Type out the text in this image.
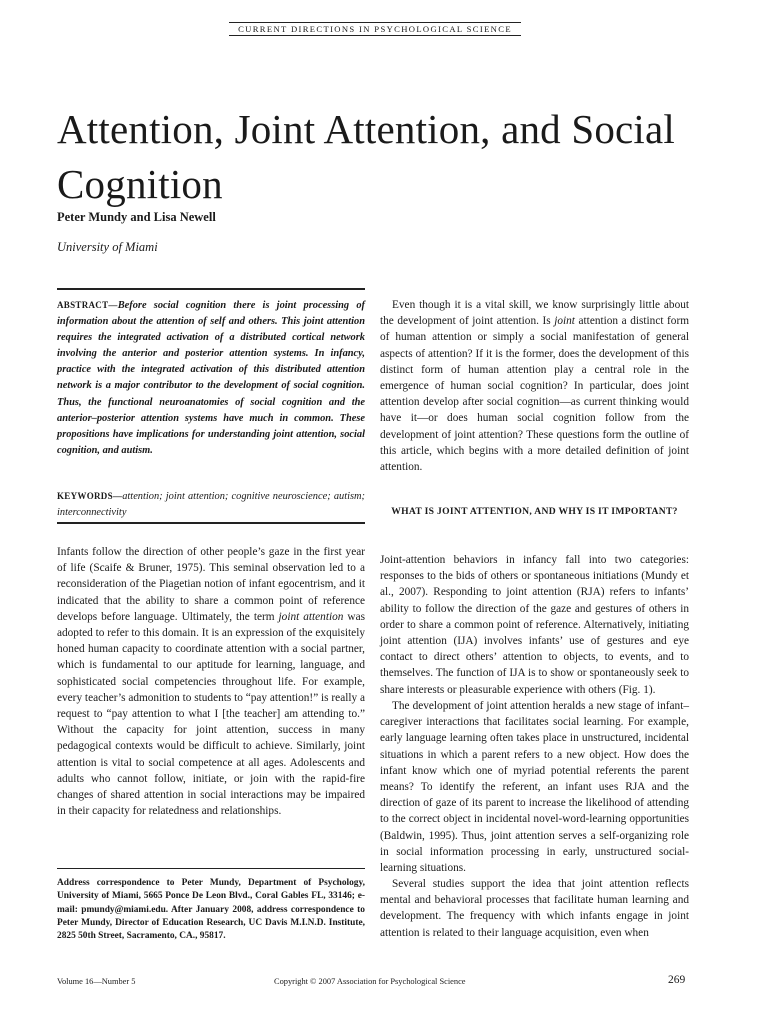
CURRENT DIRECTIONS IN PSYCHOLOGICAL SCIENCE
Attention, Joint Attention, and Social Cognition
Peter Mundy and Lisa Newell
University of Miami

ABSTRACT—Before social cognition there is joint processing of information about the attention of self and others. This joint attention requires the integrated activation of a distributed cortical network involving the anterior and posterior attention systems. In infancy, practice with the integrated activation of this distributed attention network is a major contributor to the development of social cognition. Thus, the functional neuroanatomies of social cognition and the anterior–posterior attention systems have much in common. These propositions have implications for understanding joint attention, social cognition, and autism.

KEYWORDS—attention; joint attention; cognitive neuroscience; autism; interconnectivity

Infants follow the direction of other people’s gaze in the first year of life (Scaife & Bruner, 1975). This seminal observation led to a reconsideration of the Piagetian notion of infant egocentrism, and it indicated that the ability to share a common point of reference develops before language. Ultimately, the term joint attention was adopted to refer to this domain. It is an expression of the exquisitely honed human capacity to coordinate attention with a social partner, which is fundamental to our aptitude for learning, language, and sophisticated social competencies throughout life. For example, every teacher’s admonition to students to “pay attention!” is really a request to “pay attention to what I [the teacher] am attending to.” Without the capacity for joint attention, success in many pedagogical contexts would be difficult to achieve. Similarly, joint attention is vital to social competence at all ages. Adolescents and adults who cannot follow, initiate, or join with the rapid-fire changes of shared attention in social interactions may be impaired in their capacity for relatedness and relationships.

Address correspondence to Peter Mundy, Department of Psychology, University of Miami, 5665 Ponce De Leon Blvd., Coral Gables FL, 33146; e-mail: pmundy@miami.edu. After January 2008, address correspondence to Peter Mundy, Director of Education Research, UC Davis M.I.N.D. Institute, 2825 50th Street, Sacramento, CA., 95817.

Even though it is a vital skill, we know surprisingly little about the development of joint attention. Is joint attention a distinct form of human attention or simply a social manifestation of general aspects of attention? If it is the former, does the development of this distinct form of human attention play a central role in the emergence of human social cognition? In particular, does joint attention develop after social cognition—as current thinking would have it—or does human social cognition follow from the development of joint attention? These questions form the outline of this article, which begins with a more detailed definition of joint attention.

WHAT IS JOINT ATTENTION, AND WHY IS IT IMPORTANT?

Joint-attention behaviors in infancy fall into two categories: responses to the bids of others or spontaneous initiations (Mundy et al., 2007). Responding to joint attention (RJA) refers to infants’ ability to follow the direction of the gaze and gestures of others in order to share a common point of reference. Alternatively, initiating joint attention (IJA) involves infants’ use of gestures and eye contact to direct others’ attention to objects, to events, and to themselves. The function of IJA is to show or spontaneously seek to share interests or pleasurable experience with others (Fig. 1).

The development of joint attention heralds a new stage of infant–caregiver interactions that facilitates social learning. For example, early language learning often takes place in unstructured, incidental situations in which a parent refers to a new object. How does the infant know which one of myriad potential referents the parent means? To identify the referent, an infant uses RJA and the direction of gaze of its parent to increase the likelihood of attending to the correct object in incidental novel-word-learning opportunities (Baldwin, 1995). Thus, joint attention serves a self-organizing role in social information processing in early, unstructured social-learning situations.

Several studies support the idea that joint attention reflects mental and behavioral processes that facilitate human learning and development. The frequency with which infants engage in joint attention is related to their language acquisition, even when

Volume 16—Number 5	Copyright © 2007 Association for Psychological Science	269
